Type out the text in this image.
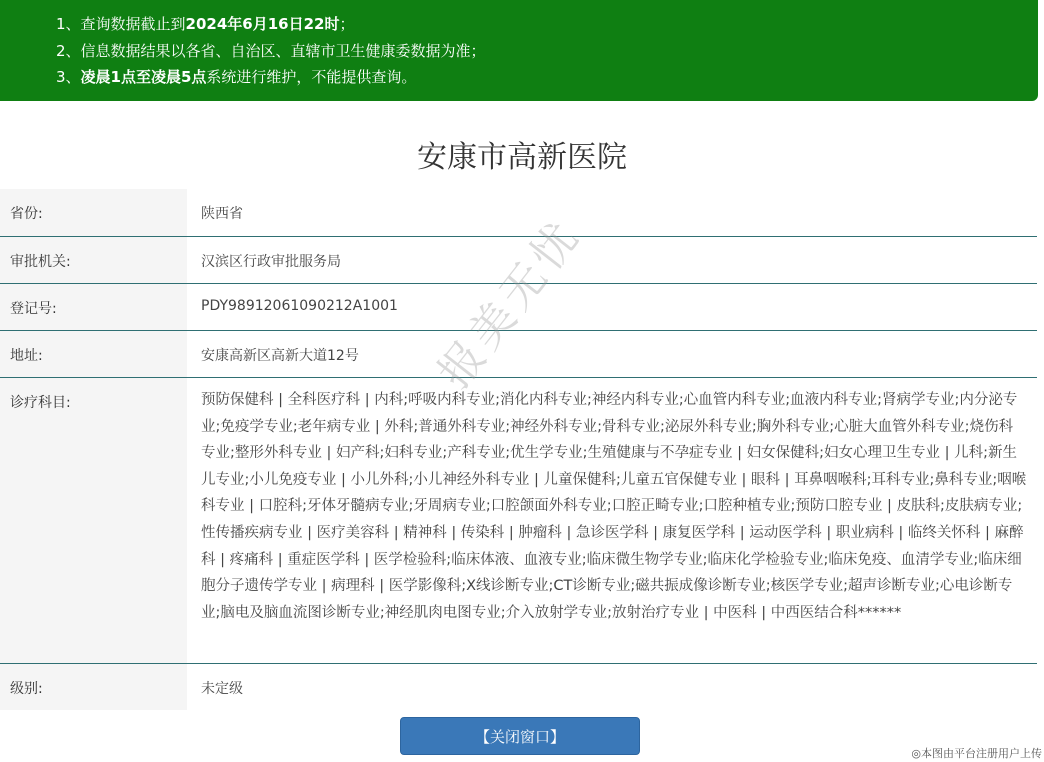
1、查询数据截止到2024年6月16日22时；
2、信息数据结果以各省、自治区、直辖市卫生健康委数据为准；
3、凌晨1点至凌晨5点系统进行维护，不能提供查询。
安康市高新医院
省份:	陕西省
审批机关:	汉滨区行政审批服务局
登记号:	PDY98912061090212A1001
地址:	安康高新区高新大道12号
诊疗科目:	预防保健科 | 全科医疗科 | 内科;呼吸内科专业;消化内科专业;神经内科专业;心血管内科专业;血液内科专业;肾病学专业;内分泌专业;免疫学专业;老年病专业 | 外科;普通外科专业;神经外科专业;骨科专业;泌尿外科专业;胸外科专业;心脏大血管外科专业;烧伤科专业;整形外科专业 | 妇产科;妇科专业;产科专业;优生学专业;生殖健康与不孕症专业 | 妇女保健科;妇女心理卫生专业 | 儿科;新生儿专业;小儿免疫专业 | 小儿外科;小儿神经外科专业 | 儿童保健科;儿童五官保健专业 | 眼科 | 耳鼻咽喉科;耳科专业;鼻科专业;咽喉科专业 | 口腔科;牙体牙髓病专业;牙周病专业;口腔颌面外科专业;口腔正畸专业;口腔种植专业;预防口腔专业 | 皮肤科;皮肤病专业;性传播疾病专业 | 医疗美容科 | 精神科 | 传染科 | 肿瘤科 | 急诊医学科 | 康复医学科 | 运动医学科 | 职业病科 | 临终关怀科 | 麻醉科 | 疼痛科 | 重症医学科 | 医学检验科;临床体液、血液专业;临床微生物学专业;临床化学检验专业;临床免疫、血清学专业;临床细胞分子遗传学专业 | 病理科 | 医学影像科;X线诊断专业;CT诊断专业;磁共振成像诊断专业;核医学专业;超声诊断专业;心电诊断专业;脑电及脑血流图诊断专业;神经肌肉电图专业;介入放射学专业;放射治疗专业 | 中医科 | 中西医结合科******
级别:	未定级
报美无忧
【关闭窗口】
◎本图由平台注册用户上传
